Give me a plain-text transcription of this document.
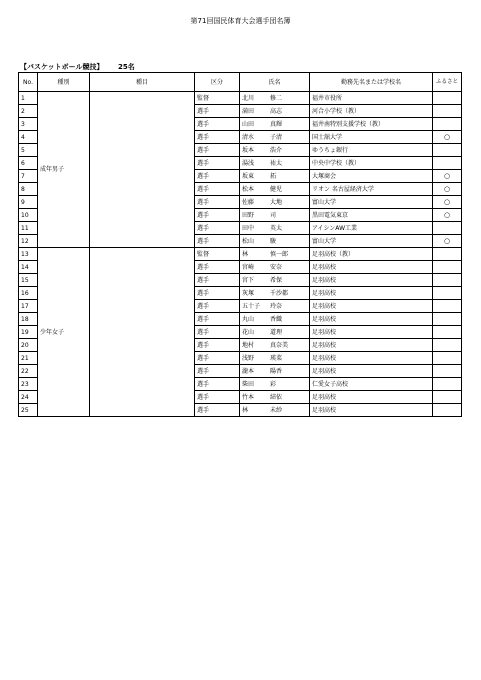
第71回国民体育大会選手団名簿
【バスケットボール競技】 25名
No.	種別	種目	区分	氏名	勤務先名または学校名	ふるさと
1	成年男子		監督	北川 修二	福井市役所	
2			選手	満田 高志	河合小学校（教）	
3			選手	山田 真輝	福井南特別支援学校（教）	
4			選手	清水 子清	国士舘大学	○
5			選手	坂本 浩介	ゆうちょ銀行	
6			選手	湯浅 祐太	中央中学校（教）	
7			選手	坂東 拓	大塚商会	○
8			選手	松本 健児	リオン 名古屋経済大学	○
9			選手	佐藤 大地	富山大学	○
10			選手	田野 司	黒田電気東京	○
11			選手	田中 英太	アイシンAW工業	
12			選手	松山 駿	富山大学	○
13	少年女子		監督	林 慎一郎	足羽高校（教）	
14			選手	宮崎 安奈	足羽高校	
15			選手	宮下 希保	足羽高校	
16			選手	灰塚 千沙都	足羽高校	
17			選手	五十子 玲奈	足羽高校	
18			選手	丸山 香織	足羽高校	
19			選手	花山 道理	足羽高校	
20			選手	地村 真奈美	足羽高校	
21			選手	浅野 瑛菜	足羽高校	
22			選手	瀧本 陽香	足羽高校	
23			選手	柴田 彩	仁愛女子高校	
24			選手	竹本 結依	足羽高校	
25			選手	林 未紗	足羽高校	
